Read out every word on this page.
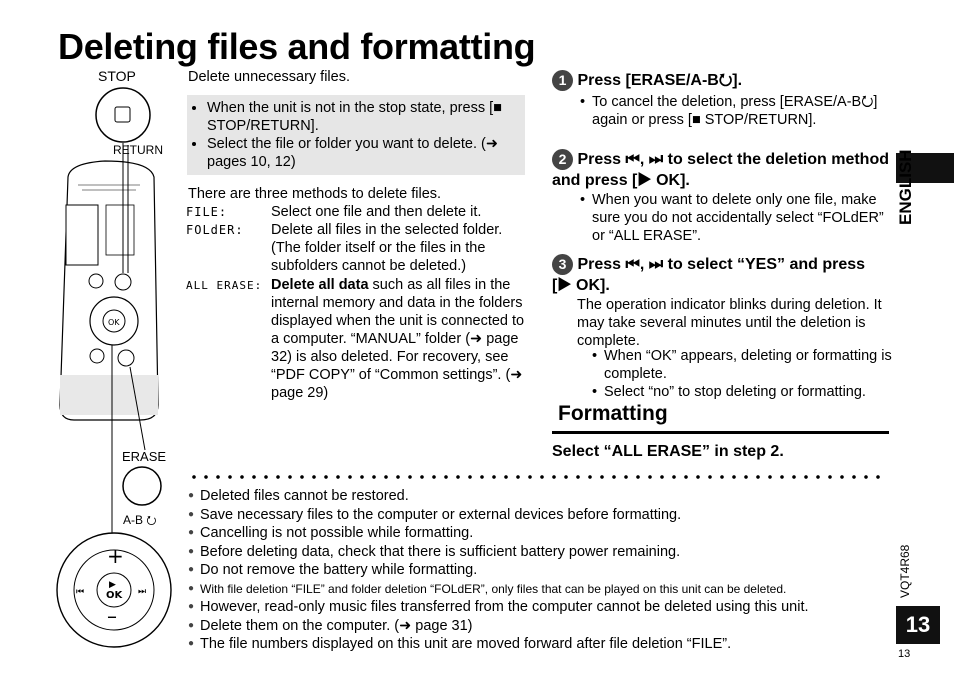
Deleting files and formatting
STOP
RETURN
ERASE
A-B ⭮
OK
OK
▶
+
–
⏮	⏭
Delete unnecessary files.
• When the unit is not in the stop state, press [■ STOP/RETURN].
• Select the file or folder you want to delete. (➜ pages 10, 12)
There are three methods to delete files.
FILE:	Select one file and then delete it.
FOLdER: Delete all files in the selected folder. (The folder itself or the files in the subfolders cannot be deleted.)
ALL ERASE: Delete all data such as all files in the internal memory and data in the folders displayed when the unit is connected to a computer. “MANUAL” folder (➜ page 32) is also deleted. For recovery, see “PDF COPY” of “Common settings”. (➜ page 29)
1 Press [ERASE/A-B⭮].
• To cancel the deletion, press [ERASE/A-B⭮] again or press [■ STOP/RETURN].
2 Press ⏮, ⏭ to select the deletion method and press [▶ OK].
• When you want to delete only one file, make sure you do not accidentally select “FOLdER” or “ALL ERASE”.
3 Press ⏮, ⏭ to select “YES” and press [▶ OK].
The operation indicator blinks during deletion. It may take several minutes until the deletion is complete.
• When “OK” appears, deleting or formatting is complete.
• Select “no” to stop deleting or formatting.
Formatting
Select “ALL ERASE” in step 2.
● Deleted files cannot be restored.
● Save necessary files to the computer or external devices before formatting.
● Cancelling is not possible while formatting.
● Before deleting data, check that there is sufficient battery power remaining.
● Do not remove the battery while formatting.
● With file deletion “FILE” and folder deletion “FOLdER”, only files that can be played on this unit can be deleted.
● However, read-only music files transferred from the computer cannot be deleted using this unit.
● Delete them on the computer. (➜ page 31)
● The file numbers displayed on this unit are moved forward after file deletion “FILE”.
ENGLISH
VQT4R68
13
13
